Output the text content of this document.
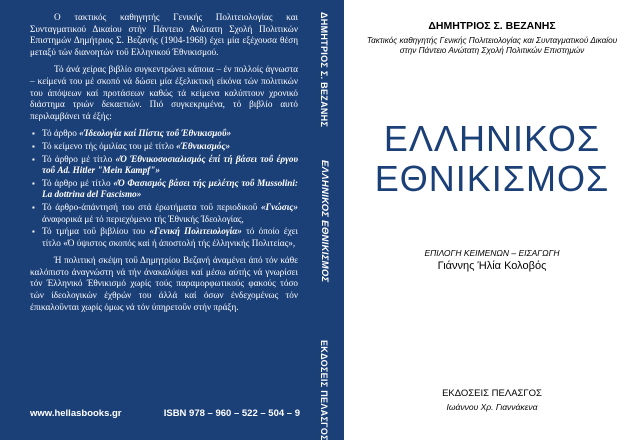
Ο τακτικός καθηγητής Γενικής Πολιτειολογίας και Συνταγματικού Δικαίου στήν Πάντειο Ανώτατη Σχολή Πολιτικών Επιστημών Δημήτριος Σ. Βεζανής (1904-1968) έχει μία εξέχουσα θέση μεταξύ τών διανοητών τοΰ Ελληνικού Έθνικισμού.

Τό άνά χείρας βιβλίο συγκεντρώνει κάποια – έν πολλοίς άγνωστα – κείμενά του μέ σκοπό νά δώσει μία έξελικτική είκόνα τών πολιτικών του άπόψεων καί προτάσεων καθώς τά κείμενα καλύπτουν χρονικό διάστημα τριών δεκαετιών. Πιό συγκεκριμένα, τό βιβλίο αυτό περιλαμβάνει τά έξής:

▪ Τό άρθρο «Ίδεολογία καί Πίστις τοΰ Έθνικισμοΰ»
▪ Τό κείμενο τής όμιλίας του μέ τίτλο «Έθνικισμός»
▪ Τό άρθρο μέ τίτλο «Ό Έθνικοσοσιαλισμός έπί τή βάσει τοΰ έργου τοΰ Ad. Hitler "Mein Kampf"»
▪ Τό άρθρο μέ τίτλο «Ό Φασισμός βάσει τής μελέτης τοΰ Mussolini: La dottrina del Fascismo»
▪ Τό άρθρο-άπάντησή του στά έρωτήματα τοΰ περιοδικοΰ «Γνώσις» άναφορικά μέ τό περιεχόμενο τής Έθνικής Ίδεολογίας,
▪ Τό τμήμα τοΰ βιβλίου του «Γενική Πολιτειολογία» τό όποίο έχει τίτλο «Ό ύψιστος σκοπός καί ή άποστολή τής έλληνικής Πολιτείας»,

Ή πολιτική σκέψη τοΰ Δημητρίου Βεζανή άναμένει άπό τόν κάθε καλόπιστο άναγνώστη νά τήν άνακαλύψει καί μέσω αύτής νά γνωρίσει τόν Έλληνικό Έθνικισμό χωρίς τούς παραμορφωτικούς φακούς τόσο τών ίδεολογικών έχθρών του άλλά καί όσων ένδεχομένως τόν έπικαλοΰνται χωρίς όμως νά τόν ύπηρετοΰν στήν πράξη.

www.hellasbooks.gr	ISBN 978 – 960 – 522 – 504 – 9
ΔΗΜΗΤΡΙΟΣ Σ. ΒΕΖΑΝΗΣ
ΕΛΛΗΝΙΚΟΣ ΕΘΝΙΚΙΣΜΟΣ
ΕΚΔΟΣΕΙΣ ΠΕΛΑΣΓΟΣ
ΔΗΜΗΤΡΙΟΣ Σ. ΒΕΖΑΝΗΣ
Τακτικός καθηγητής Γενικής Πολιτειολογίας και Συνταγματικού Δικαίου στην Πάντειο Ανώτατη Σχολή Πολιτικών Επιστημών
ΕΛΛΗΝΙΚΟΣ
ΕΘΝΙΚΙΣΜΟΣ
ΕΠΙΛΟΓΗ ΚΕΙΜΕΝΩΝ – ΕΙΣΑΓΩΓΗ
Γιάννης Ήλία Κολοβός
ΕΚΔΟΣΕΙΣ ΠΕΛΑΣΓΟΣ
Ιωάννου Χρ. Γιαννάκενα
